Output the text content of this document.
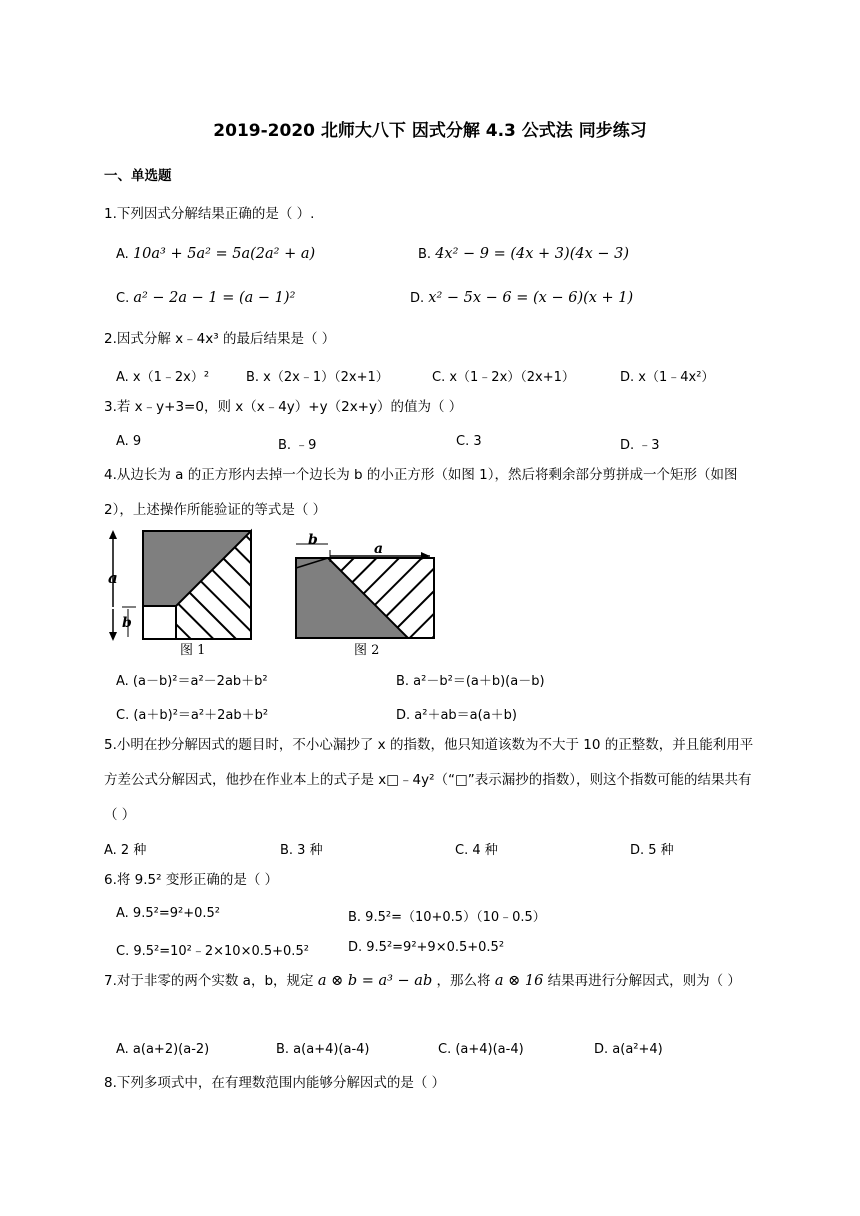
2019-2020 北师大八下 因式分解 4.3 公式法 同步练习
一、单选题
1.下列因式分解结果正确的是（ ）.
A. 10a³ + 5a² = 5a(2a² + a)	B. 4x² − 9 = (4x + 3)(4x − 3)
C. a² − 2a − 1 = (a − 1)²	D. x² − 5x − 6 = (x − 6)(x + 1)
2.因式分解 x﹣4x³ 的最后结果是（ ）
A. x（1﹣2x）²	B. x（2x﹣1）（2x+1）	C. x（1﹣2x）（2x+1）	D. x（1﹣4x²）
3.若 x﹣y+3=0，则 x（x﹣4y）+y（2x+y）的值为（ ）
A. 9	B. ﹣9	C. 3	D. ﹣3
4.从边长为 a 的正方形内去掉一个边长为 b 的小正方形（如图 1），然后将剩余部分剪拼成一个矩形（如图 2），上述操作所能验证的等式是（ ）
a
b
图 1
b
a
图 2
A. (a－b)²＝a²－2ab＋b²	B. a²－b²＝(a＋b)(a－b)
C. (a＋b)²＝a²＋2ab＋b²	D. a²＋ab＝a(a＋b)
5.小明在抄分解因式的题目时，不小心漏抄了 x 的指数，他只知道该数为不大于 10 的正整数，并且能利用平方差公式分解因式，他抄在作业本上的式子是 x□﹣4y²（“□”表示漏抄的指数），则这个指数可能的结果共有（ ）
A. 2 种	B. 3 种	C. 4 种	D. 5 种
6.将 9.5² 变形正确的是（ ）
A. 9.5²=9²+0.5²	B. 9.5²=（10+0.5）（10﹣0.5）
C. 9.5²=10²﹣2×10×0.5+0.5²	D. 9.5²=9²+9×0.5+0.5²
7.对于非零的两个实数 a，b，规定 a ⊗ b = a³ − ab ，那么将 a ⊗ 16 结果再进行分解因式，则为（ ）
A. a(a+2)(a-2)	B. a(a+4)(a-4)	C. (a+4)(a-4)	D. a(a²+4)
8.下列多项式中，在有理数范围内能够分解因式的是（ ）
